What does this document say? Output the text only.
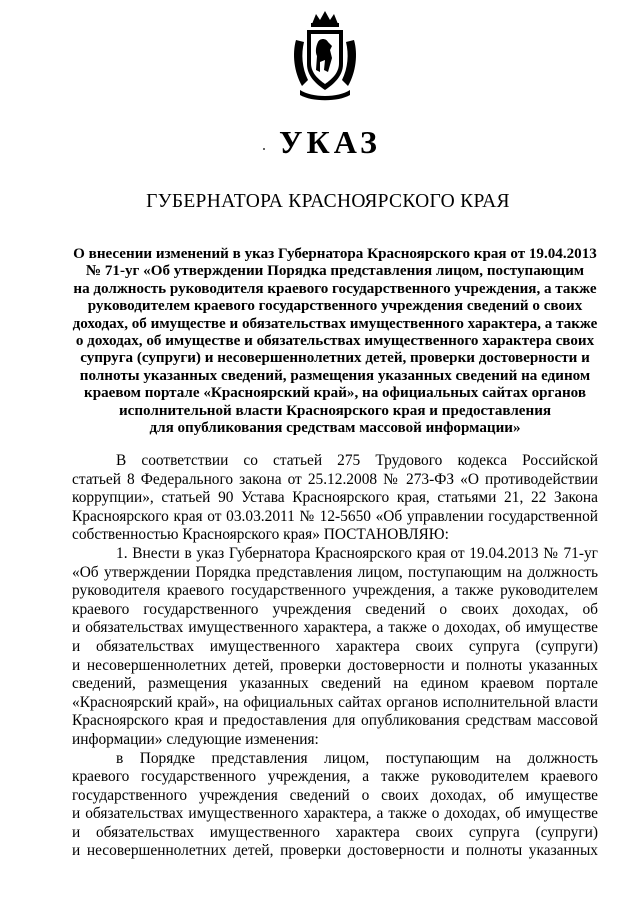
УКАЗ
ГУБЕРНАТОРА КРАСНОЯРСКОГО КРАЯ
О внесении изменений в указ Губернатора Красноярского края от 19.04.2013
№ 71-уг «Об утверждении Порядка представления лицом, поступающим
на должность руководителя краевого государственного учреждения, а также
руководителем краевого государственного учреждения сведений о своих
доходах, об имуществе и обязательствах имущественного характера, а также
о доходах, об имуществе и обязательствах имущественного характера своих
супруга (супруги) и несовершеннолетних детей, проверки достоверности и
полноты указанных сведений, размещения указанных сведений на едином
краевом портале «Красноярский край», на официальных сайтах органов
исполнительной власти Красноярского края и предоставления
для опубликования средствам массовой информации»
В соответствии со статьей 275 Трудового кодекса Российской
статьей 8 Федерального закона от 25.12.2008 № 273-ФЗ «О противодействии
коррупции», статьей 90 Устава Красноярского края, статьями 21, 22 Закона
Красноярского края от 03.03.2011 № 12-5650 «Об управлении государственной
собственностью Красноярского края» ПОСТАНОВЛЯЮ:
1. Внести в указ Губернатора Красноярского края от 19.04.2013 № 71-уг
«Об утверждении Порядка представления лицом, поступающим на должность
руководителя краевого государственного учреждения, а также руководителем
краевого государственного учреждения сведений о своих доходах, об
и обязательствах имущественного характера, а также о доходах, об имуществе
и обязательствах имущественного характера своих супруга (супруги)
и несовершеннолетних детей, проверки достоверности и полноты указанных
сведений, размещения указанных сведений на едином краевом портале
«Красноярский край», на официальных сайтах органов исполнительной власти
Красноярского края и предоставления для опубликования средствам массовой
информации» следующие изменения:
в Порядке представления лицом, поступающим на должность
краевого государственного учреждения, а также руководителем краевого
государственного учреждения сведений о своих доходах, об имуществе
и обязательствах имущественного характера, а также о доходах, об имуществе
и обязательствах имущественного характера своих супруга (супруги)
и несовершеннолетних детей, проверки достоверности и полноты указанных
